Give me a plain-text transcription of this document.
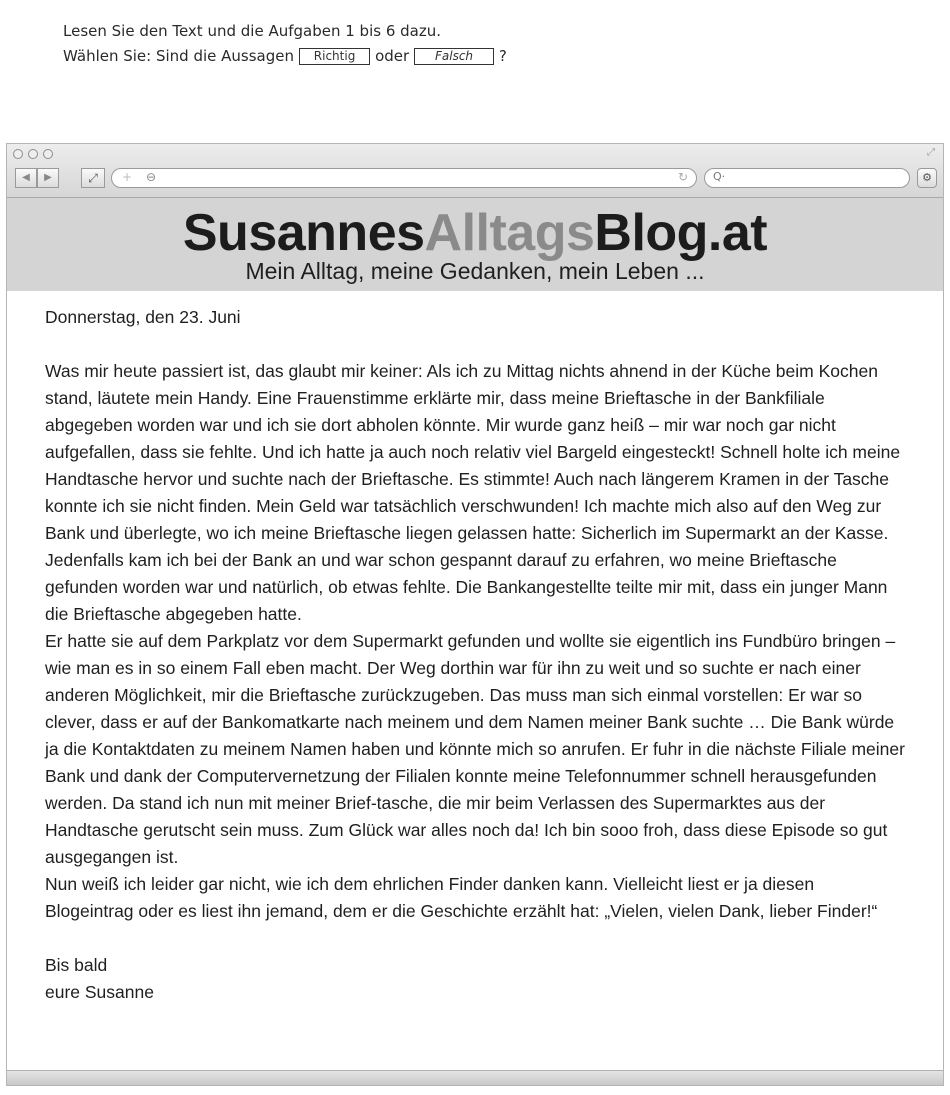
Lesen Sie den Text und die Aufgaben 1 bis 6 dazu.
Wählen Sie: Sind die Aussagen Richtig oder Falsch ?
⤢
◀	▶	⤢	+ ⊖	↻ Q·	⚙
SusannesAlltagsBlog.at
Mein Alltag, meine Gedanken, mein Leben ...

Donnerstag, den 23. Juni

Was mir heute passiert ist, das glaubt mir keiner: Als ich zu Mittag nichts ahnend in der Küche beim Kochen stand, läutete mein Handy. Eine Frauenstimme erklärte mir, dass meine Brieftasche in der Bankfiliale abgegeben worden war und ich sie dort abholen könnte. Mir wurde ganz heiß – mir war noch gar nicht aufgefallen, dass sie fehlte. Und ich hatte ja auch noch relativ viel Bargeld eingesteckt! Schnell holte ich meine Handtasche hervor und suchte nach der Brieftasche. Es stimmte! Auch nach längerem Kramen in der Tasche konnte ich sie nicht finden. Mein Geld war tatsächlich verschwunden! Ich machte mich also auf den Weg zur Bank und überlegte, wo ich meine Brieftasche liegen gelassen hatte: Sicherlich im Supermarkt an der Kasse. Jedenfalls kam ich bei der Bank an und war schon gespannt darauf zu erfahren, wo meine Brieftasche gefunden worden war und natürlich, ob etwas fehlte. Die Bankangestellte teilte mir mit, dass ein junger Mann die Brieftasche abgegeben hatte.

Er hatte sie auf dem Parkplatz vor dem Supermarkt gefunden und wollte sie eigentlich ins Fundbüro bringen – wie man es in so einem Fall eben macht. Der Weg dorthin war für ihn zu weit und so suchte er nach einer anderen Möglichkeit, mir die Brieftasche zurückzugeben. Das muss man sich einmal vorstellen: Er war so clever, dass er auf der Bankomatkarte nach meinem und dem Namen meiner Bank suchte … Die Bank würde ja die Kontaktdaten zu meinem Namen haben und könnte mich so anrufen. Er fuhr in die nächste Filiale meiner Bank und dank der Computervernetzung der Filialen konnte meine Telefonnummer schnell herausgefunden werden. Da stand ich nun mit meiner Brief-tasche, die mir beim Verlassen des Supermarktes aus der Handtasche gerutscht sein muss. Zum Glück war alles noch da! Ich bin sooo froh, dass diese Episode so gut ausgegangen ist.

Nun weiß ich leider gar nicht, wie ich dem ehrlichen Finder danken kann. Vielleicht liest er ja diesen Blogeintrag oder es liest ihn jemand, dem er die Geschichte erzählt hat: „Vielen, vielen Dank, lieber Finder!“

Bis bald

eure Susanne
